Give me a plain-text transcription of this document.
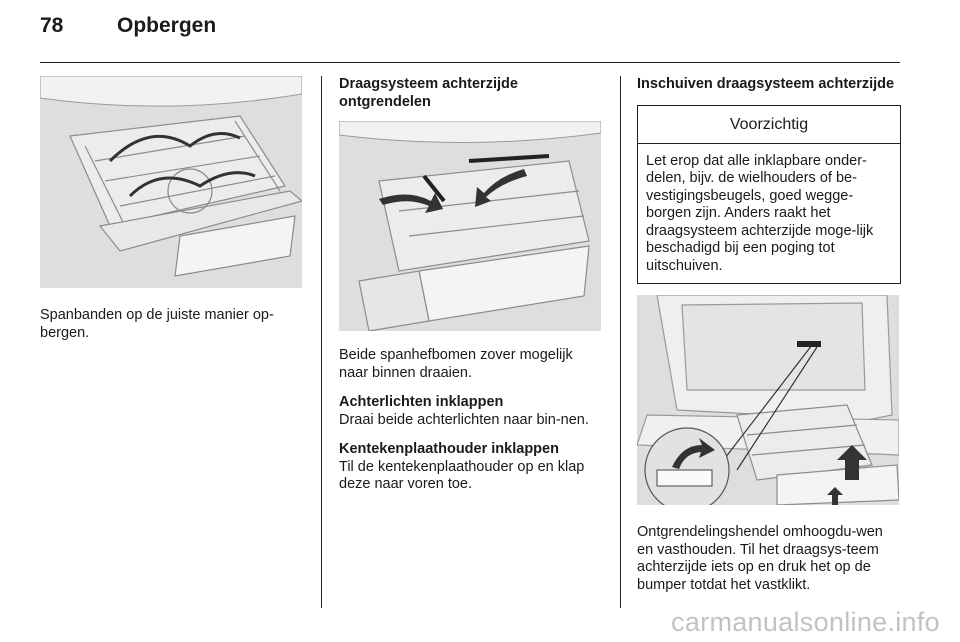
78	Opbergen

Spanbanden op de juiste manier op-bergen.

Draagsysteem achterzijde ontgrendelen

Beide spanhefbomen zover mogelijk naar binnen draaien.

Achterlichten inklappen

Draai beide achterlichten naar bin-nen.

Kentekenplaathouder inklappen

Til de kentekenplaathouder op en klap deze naar voren toe.

Inschuiven draagsysteem achterzijde
Voorzichtig
Let erop dat alle inklapbare onder-delen, bijv. de wielhouders of be-vestigingsbeugels, goed wegge-borgen zijn. Anders raakt het draagsysteem achterzijde moge-lijk beschadigd bij een poging tot uitschuiven.

Ontgrendelingshendel omhoogdu-wen en vasthouden. Til het draagsys-teem achterzijde iets op en druk het op de bumper totdat het vastklikt.

carmanualsonline.info
